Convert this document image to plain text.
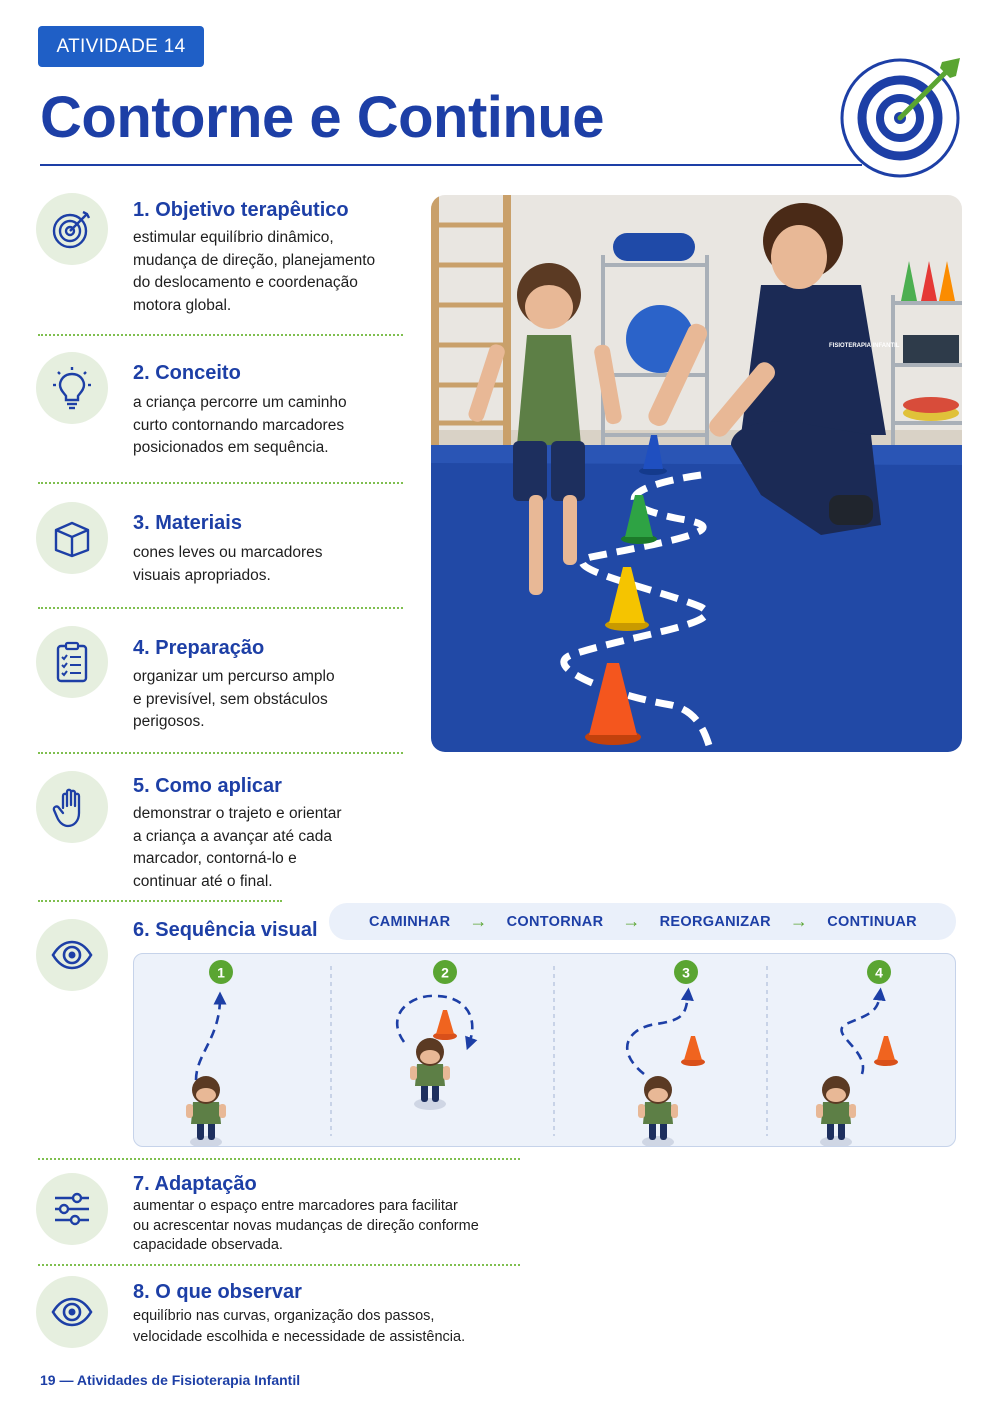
ATIVIDADE 14
Contorne e Continue
1. Objetivo terapêutico
estimular equilíbrio dinâmico,
mudança de direção, planejamento
do deslocamento e coordenação
motora global.
2. Conceito
a criança percorre um caminho
curto contornando marcadores
posicionados em sequência.
3. Materiais
cones leves ou marcadores
visuais apropriados.
4. Preparação
organizar um percurso amplo
e previsível, sem obstáculos
perigosos.
5. Como aplicar
demonstrar o trajeto e orientar
a criança a avançar até cada
marcador, contorná-lo e
continuar até o final.
6. Sequência visual	CAMINHAR → CONTORNAR → REORGANIZAR → CONTINUAR
1	2	3	4
7. Adaptação
aumentar o espaço entre marcadores para facilitar
ou acrescentar novas mudanças de direção conforme
capacidade observada.
8. O que observar
equilíbrio nas curvas, organização dos passos,
velocidade escolhida e necessidade de assistência.
FISIOTERAPIA INFANTIL
19 — Atividades de Fisioterapia Infantil
